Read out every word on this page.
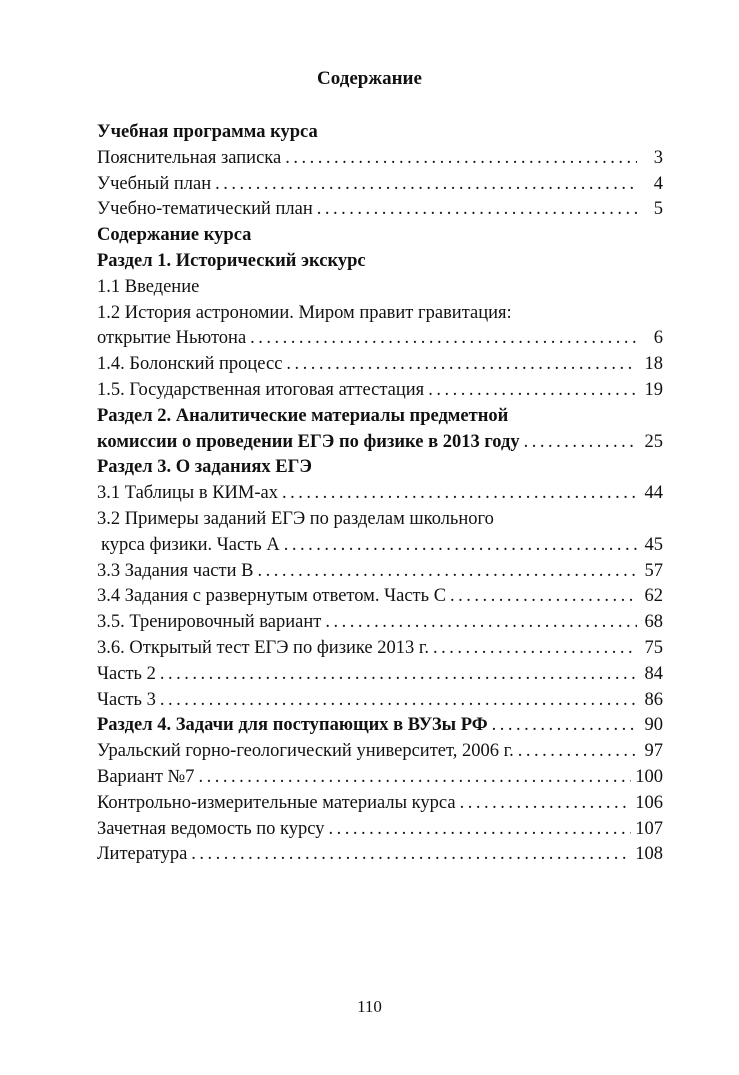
Содержание
Учебная программа курса
Пояснительная записка .....	3
Учебный план .....	4
Учебно-тематический план .....	5
Содержание курса
Раздел 1. Исторический экскурс
1.1 Введение
1.2 История астрономии. Миром правит гравитация:
открытие Ньютона .....	6
1.4. Болонский процесс .....	18
1.5. Государственная итоговая аттестация .....	19
Раздел 2. Аналитические материалы предметной
комиссии о проведении ЕГЭ по физике в 2013 году .....	25
Раздел 3. О заданиях ЕГЭ
3.1 Таблицы в КИМ-ах .....	44
3.2 Примеры заданий ЕГЭ по разделам школьного
курса физики. Часть А .....	45
3.3 Задания части В .....	57
3.4 Задания с развернутым ответом. Часть С .....	62
3.5. Тренировочный вариант .....	68
3.6. Открытый тест ЕГЭ по физике 2013 г. .....	75
Часть 2 .....	84
Часть 3 .....	86
Раздел 4. Задачи для поступающих в ВУЗы РФ .....	90
Уральский горно-геологический университет, 2006 г. .....	97
Вариант №7 .....	100
Контрольно-измерительные материалы курса .....	106
Зачетная ведомость по курсу .....	107
Литература .....	108
110
